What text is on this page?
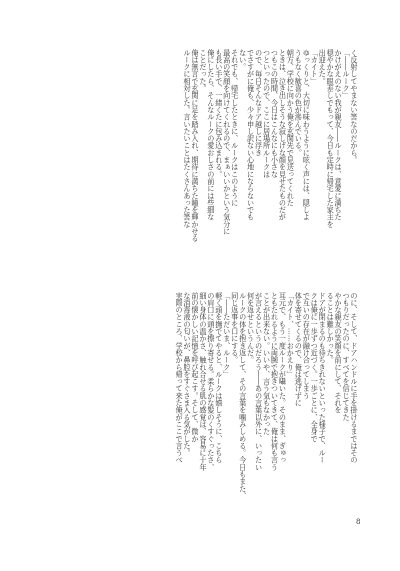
く反射してやまない筈なのだから。
「――ルーク」
かけがえのない我が親友――ルークは、意愛に満ちた
穏やかな眼差しでもって、今日も定時に帰宅した家主を
出迎えた。
「カイト」
ゆっくりと、大切に味わうように呟く声には、隠しよ
うもなく歓喜の色が滲んでいる。
朝方、学校に向かう俺を玄関先で見送ってくれた
ときは、泣き出しそうな寂しげな顔を見せたものだが
つもこの時間、今日はこんなにも小さな
つといったので、ここに居場所ルークは
ので、毎日そんなドア越しに浮き
でさすがに俺も、少々申し訳ない心地にならないでも
ない。
それでも、帰宅したときに、ルークはこのように
最高の笑顔を向けてくれるので、まぁいいかという気分に
も長い手で、一緒くたに包み込まれる。
俺にしたら、そんなルークの愛おしさの前には些細な
ことだった。
俺は無言で玄関に足を踏み入れ、期待に満ちた瞳を輝かせる
ルークに相対した。言いたいことはたくさんあった筈な
のに、そして、ドアハンドルに手を掛けるまではその
つもりだったのに、すべてを信じてきた
やかな親友の笑顔を前にして、それを
ることは難しかった。
ドアが閉まるのも待ちきれないといった様子で、ルー
クは俺に一歩ずつ近づく。一歩ごとに、全身で
で互いの存在が融け合ってしまう
体を寄せてくるので、俺は逃げずに
「カイト、……おかえり」
耳元で、もう一度ルークが囁いた。そのまま、ぎゅっ
ともたれるように両腕で抱きついてきて、俺は何も言う
ことが出来ない。いいや、言う気もなかった
が言えるというのだろう――あの言葉以外に、いったい
何を返せというんだ。
ルークの体を抱き返して、その言葉を噛みしめる。今日もまた、
同じ返事を口にする。
「――ただいま、ルーク」
軽く頭を撫でてやると、ルークは嬉しそうに、こちら
の肩口に頭を擦り寄せる。柔らかな髪のくすぐったさ、
細い身体の温かさ、触れ合せる肌の感覚は、容易に十年
前の懐かしい記憶を呼び起こす。そして、微か
な消毒液の匂いが、鼻腔をすぐさま入る気がした。
実際のところ、学校から帰って来た俺がここで言うべ
8
